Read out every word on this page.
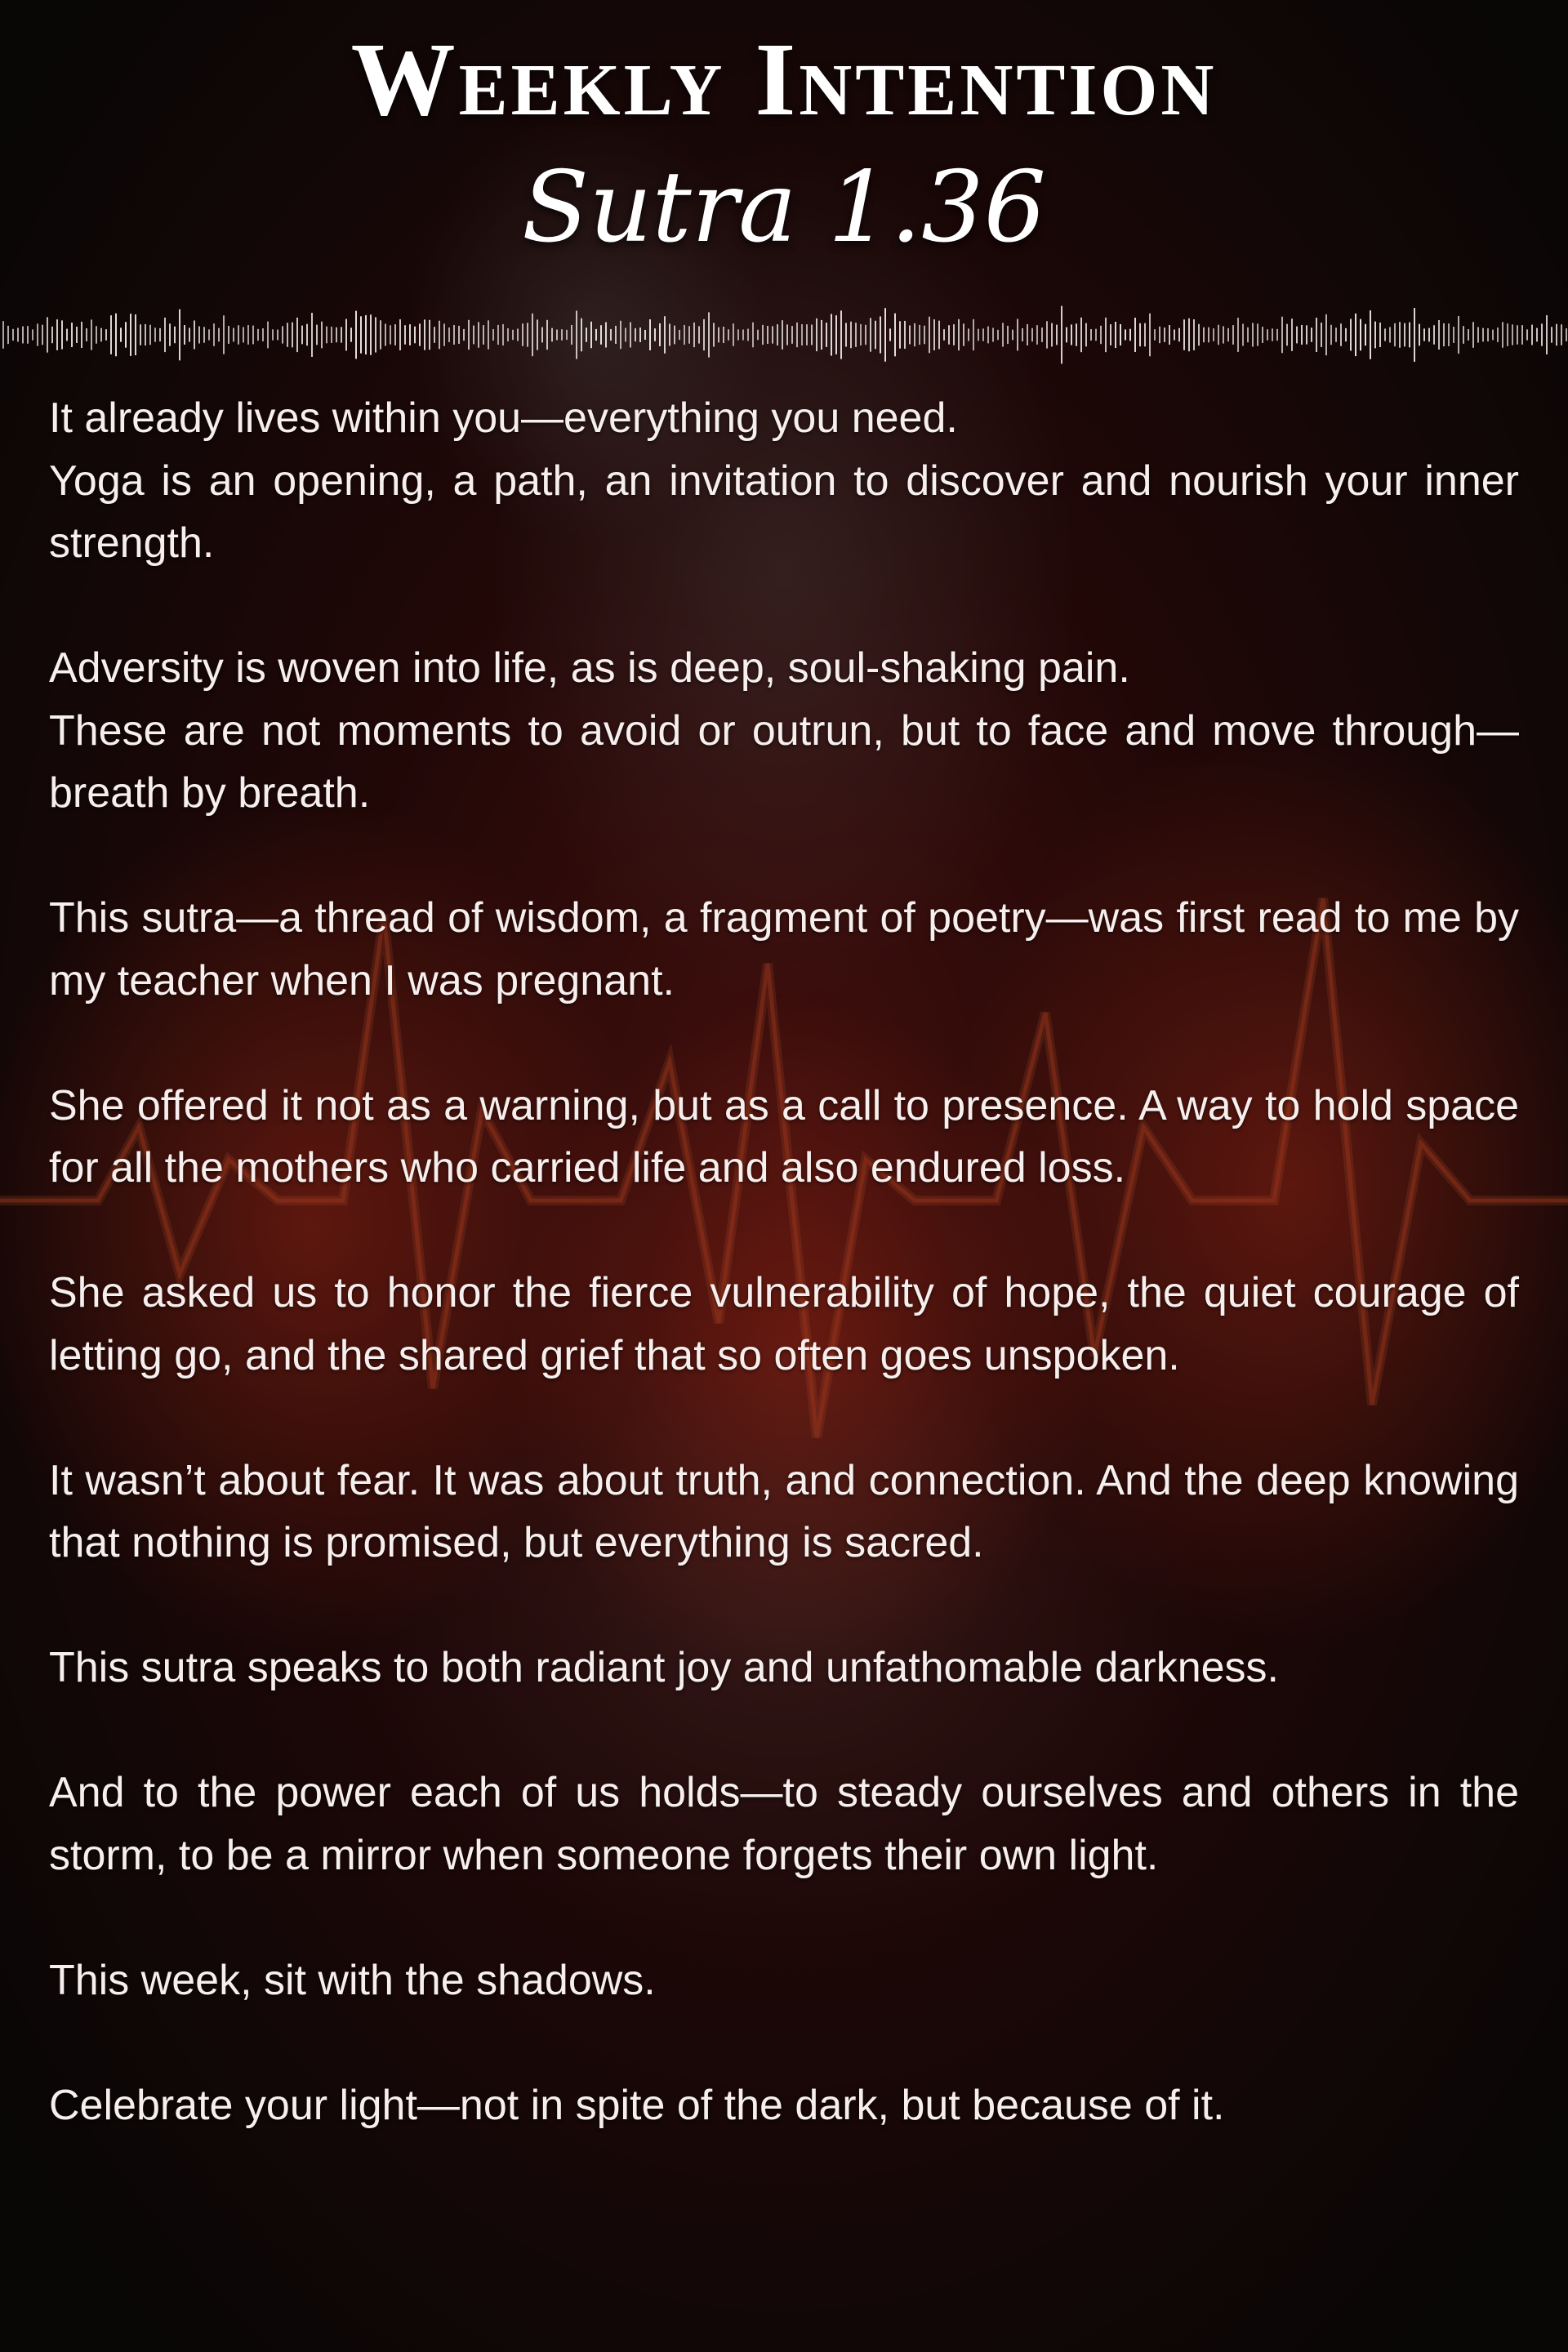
Weekly Intention
Sutra 1.36

It already lives within you—everything you need.
Yoga is an opening, a path, an invitation to discover and nourish your inner strength.

Adversity is woven into life, as is deep, soul-shaking pain.
These are not moments to avoid or outrun, but to face and move through—breath by breath.

This sutra—a thread of wisdom, a fragment of poetry—was first read to me by my teacher when I was pregnant.

She offered it not as a warning, but as a call to presence. A way to hold space for all the mothers who carried life and also endured loss.

She asked us to honor the fierce vulnerability of hope, the quiet courage of letting go, and the shared grief that so often goes unspoken.

It wasn’t about fear. It was about truth, and connection. And the deep knowing that nothing is promised, but everything is sacred.

This sutra speaks to both radiant joy and unfathomable darkness.

And to the power each of us holds—to steady ourselves and others in the storm, to be a mirror when someone forgets their own light.

This week, sit with the shadows.

Celebrate your light—not in spite of the dark, but because of it.
